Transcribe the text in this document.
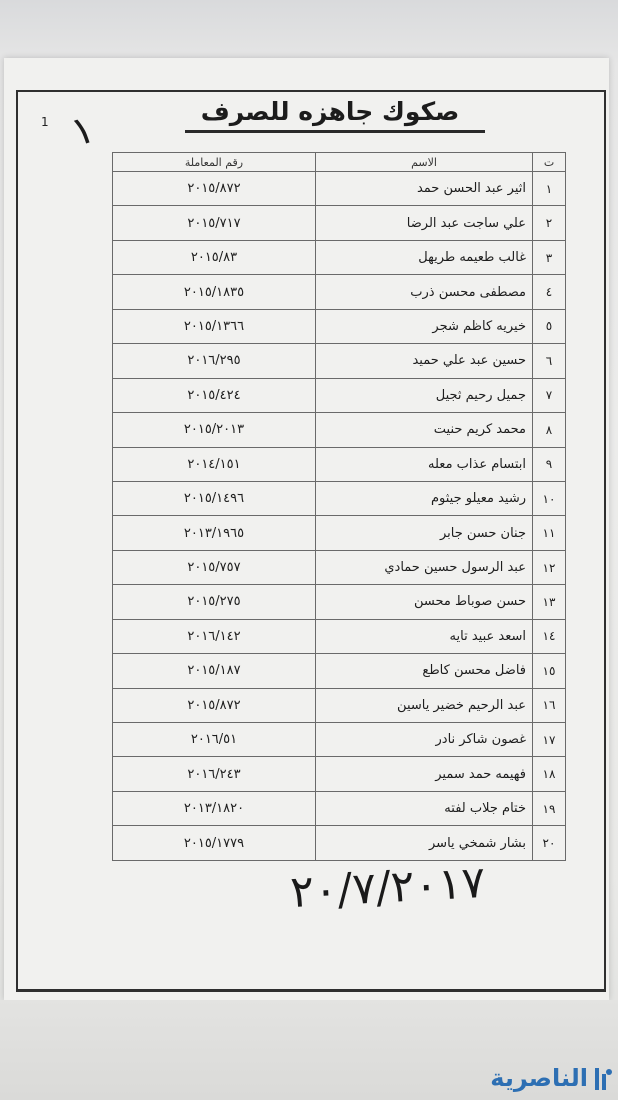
1 ١	صكوك جاهزه للصرف
ت	الاسم	رقم المعاملة
١	اثير عبد الحسن حمد	٢٠١٥/٨٧٢
٢	علي ساجت عبد الرضا	٢٠١٥/٧١٧
٣	غالب طعيمه طريهل	٢٠١٥/٨٣
٤	مصطفى محسن ذرب	٢٠١٥/١٨٣٥
٥	خيريه كاظم شجر	٢٠١٥/١٣٦٦
٦	حسين عبد علي حميد	٢٠١٦/٢٩٥
٧	جميل رحيم ثجيل	٢٠١٥/٤٢٤
٨	محمد كريم حنيت	٢٠١٥/٢٠١٣
٩	ابتسام عذاب معله	٢٠١٤/١٥١
١٠	رشيد معيلو جيثوم	٢٠١٥/١٤٩٦
١١	جنان حسن جابر	٢٠١٣/١٩٦٥
١٢	عبد الرسول حسين حمادي	٢٠١٥/٧٥٧
١٣	حسن صوباط محسن	٢٠١٥/٢٧٥
١٤	اسعد عبيد تايه	٢٠١٦/١٤٢
١٥	فاضل محسن كاطع	٢٠١٥/١٨٧
١٦	عبد الرحيم خضير ياسين	٢٠١٥/٨٧٢
١٧	غصون شاكر نادر	٢٠١٦/٥١
١٨	فهيمه حمد سمير	٢٠١٦/٢٤٣
١٩	ختام جلاب لفته	٢٠١٣/١٨٢٠
٢٠	بشار شمخي ياسر	٢٠١٥/١٧٧٩
٢٠/٧/٢٠١٧
الناصرية
